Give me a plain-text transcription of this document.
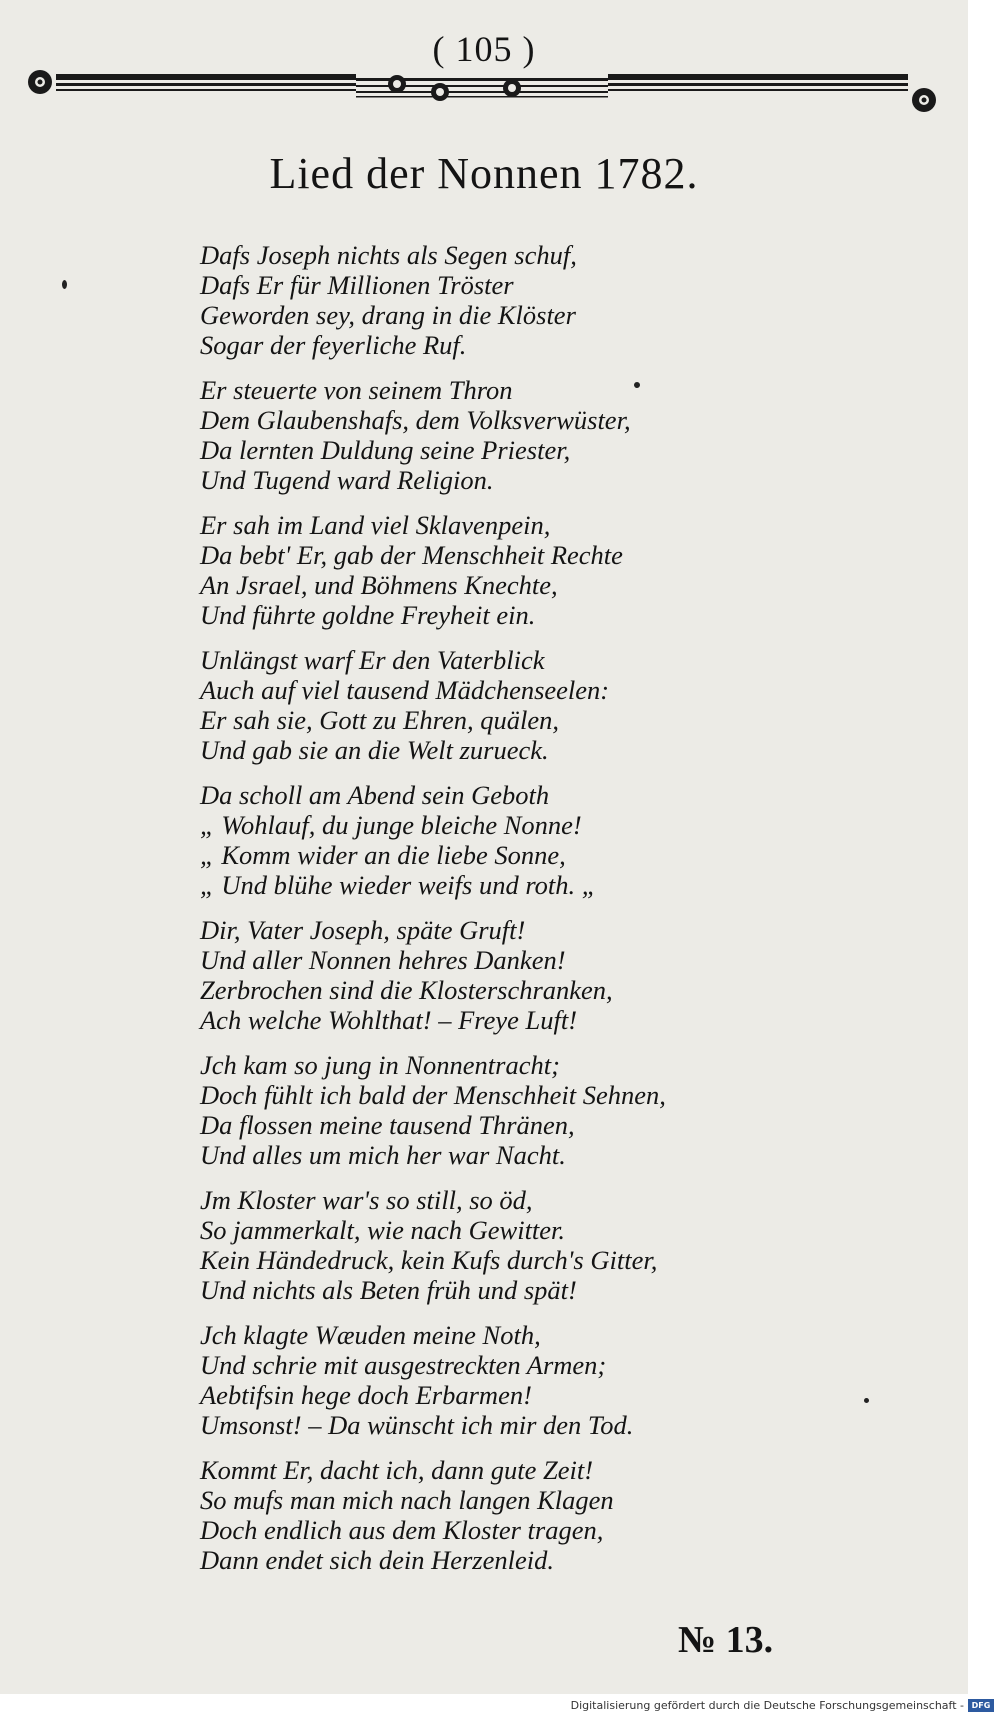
( 105 )
Lied der Nonnen 1782.
Dafs Joseph nichts als Segen schuf,
Dafs Er für Millionen Tröster
Geworden sey, drang in die Klöster
Sogar der feyerliche Ruf.
Er steuerte von seinem Thron
Dem Glaubenshafs, dem Volksverwüster,
Da lernten Duldung seine Priester,
Und Tugend ward Religion.
Er sah im Land viel Sklavenpein,
Da bebt' Er, gab der Menschheit Rechte
An Jsrael, und Böhmens Knechte,
Und führte goldne Freyheit ein.
Unlängst warf Er den Vaterblick
Auch auf viel tausend Mädchenseelen:
Er sah sie, Gott zu Ehren, quälen,
Und gab sie an die Welt zurueck.
Da scholl am Abend sein Geboth
„ Wohlauf, du junge bleiche Nonne!
„ Komm wider an die liebe Sonne,
„ Und blühe wieder weifs und roth. „
Dir, Vater Joseph, späte Gruft!
Und aller Nonnen hehres Danken!
Zerbrochen sind die Klosterschranken,
Ach welche Wohlthat! – Freye Luft!
Jch kam so jung in Nonnentracht;
Doch fühlt ich bald der Menschheit Sehnen,
Da flossen meine tausend Thränen,
Und alles um mich her war Nacht.
Jm Kloster war's so still, so öd,
So jammerkalt, wie nach Gewitter.
Kein Händedruck, kein Kufs durch's Gitter,
Und nichts als Beten früh und spät!
Jch klagte Wæuden meine Noth,
Und schrie mit ausgestreckten Armen;
Aebtifsin hege doch Erbarmen!
Umsonst! – Da wünscht ich mir den Tod.
Kommt Er, dacht ich, dann gute Zeit!
So mufs man mich nach langen Klagen
Doch endlich aus dem Kloster tragen,
Dann endet sich dein Herzenleid.
№ 13.
Digitalisierung gefördert durch die Deutsche Forschungsgemeinschaft - DFG
